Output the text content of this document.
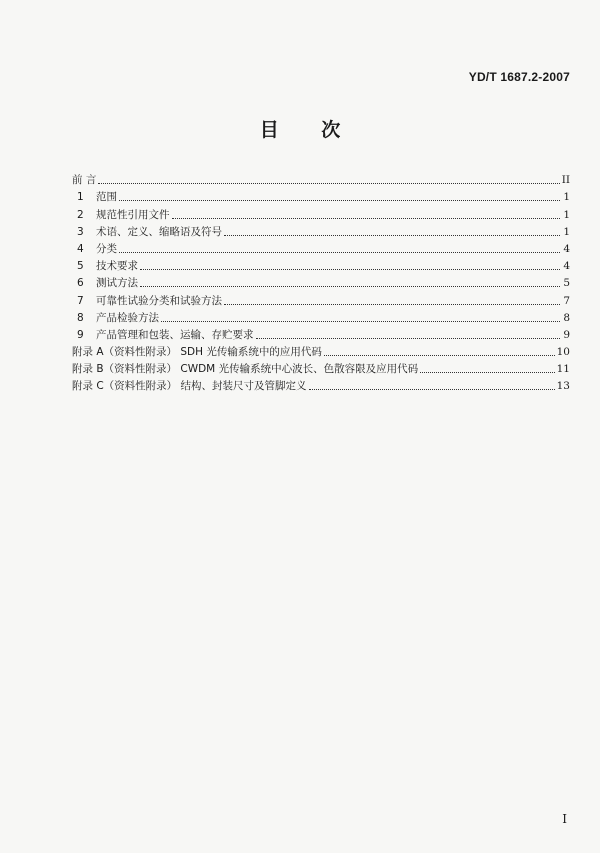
YD/T 1687.2-2007
目 次
前 言	II
1	范围	1
2	规范性引用文件	1
3	术语、定义、缩略语及符号	1
4	分类	4
5	技术要求	4
6	测试方法	5
7	可靠性试验分类和试验方法	7
8	产品检验方法	8
9	产品管理和包装、运输、存贮要求	9
附录 A（资料性附录） SDH 光传输系统中的应用代码	10
附录 B（资料性附录） CWDM 光传输系统中心波长、色散容限及应用代码	11
附录 C（资料性附录） 结构、封装尺寸及管脚定义	13
I
